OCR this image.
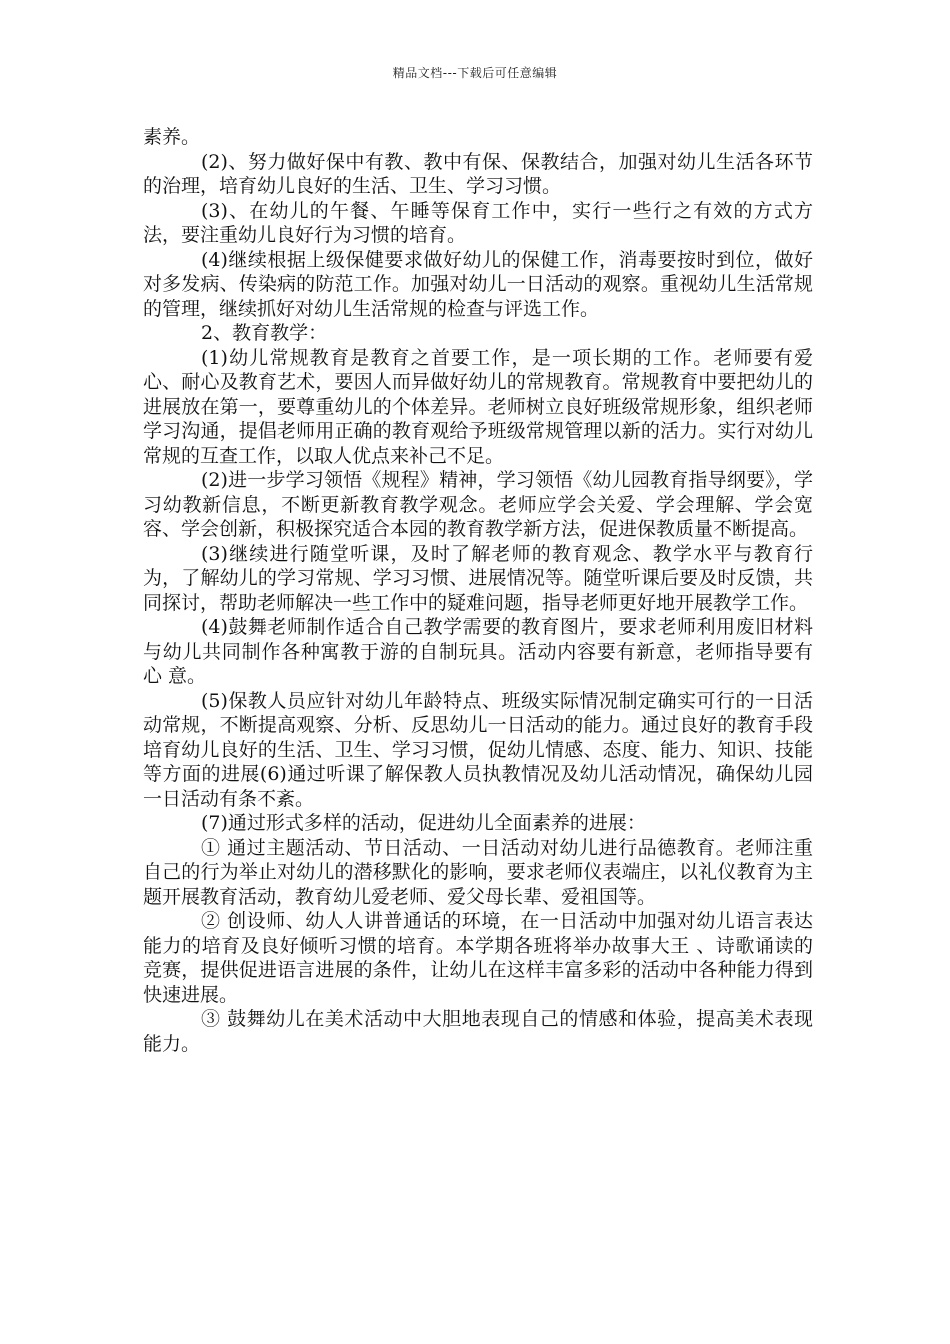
精品文档---下载后可任意编辑

素养。

(2)、努力做好保中有教、教中有保、保教结合，加强对幼儿生活各环节的治理，培育幼儿良好的生活、卫生、学习习惯。

(3)、在幼儿的午餐、午睡等保育工作中，实行一些行之有效的方式方法，要注重幼儿良好行为习惯的培育。

(4)继续根据上级保健要求做好幼儿的保健工作，消毒要按时到位，做好对多发病、传染病的防范工作。加强对幼儿一日活动的观察。重视幼儿生活常规的管理，继续抓好对幼儿生活常规的检查与评选工作。

2、教育教学：

(1)幼儿常规教育是教育之首要工作，是一项长期的工作。老师要有爱心、耐心及教育艺术，要因人而异做好幼儿的常规教育。常规教育中要把幼儿的进展放在第一，要尊重幼儿的个体差异。老师树立良好班级常规形象，组织老师学习沟通，提倡老师用正确的教育观给予班级常规管理以新的活力。实行对幼儿常规的互查工作，以取人优点来补己不足。

(2)进一步学习领悟《规程》精神，学习领悟《幼儿园教育指导纲要》，学习幼教新信息，不断更新教育教学观念。老师应学会关爱、学会理解、学会宽容、学会创新，积极探究适合本园的教育教学新方法，促进保教质量不断提高。

(3)继续进行随堂听课，及时了解老师的教育观念、教学水平与教育行为，了解幼儿的学习常规、学习习惯、进展情况等。随堂听课后要及时反馈，共同探讨，帮助老师解决一些工作中的疑难问题，指导老师更好地开展教学工作。

(4)鼓舞老师制作适合自己教学需要的教育图片，要求老师利用废旧材料与幼儿共同制作各种寓教于游的自制玩具。活动内容要有新意，老师指导要有 心 意。

(5)保教人员应针对幼儿年龄特点、班级实际情况制定确实可行的一日活动常规，不断提高观察、分析、反思幼儿一日活动的能力。通过良好的教育手段培育幼儿良好的生活、卫生、学习习惯，促幼儿情感、态度、能力、知识、技能等方面的进展(6)通过听课了解保教人员执教情况及幼儿活动情况，确保幼儿园一日活动有条不紊。

(7)通过形式多样的活动，促进幼儿全面素养的进展：

① 通过主题活动、节日活动、一日活动对幼儿进行品德教育。老师注重自己的行为举止对幼儿的潜移默化的影响，要求老师仪表端庄，以礼仪教育为主题开展教育活动，教育幼儿爱老师、爱父母长辈、爱祖国等。

② 创设师、幼人人讲普通话的环境，在一日活动中加强对幼儿语言表达能力的培育及良好倾听习惯的培育。本学期各班将举办故事大王 、诗歌诵读的竞赛，提供促进语言进展的条件，让幼儿在这样丰富多彩的活动中各种能力得到快速进展。

③ 鼓舞幼儿在美术活动中大胆地表现自己的情感和体验，提高美术表现能力。
